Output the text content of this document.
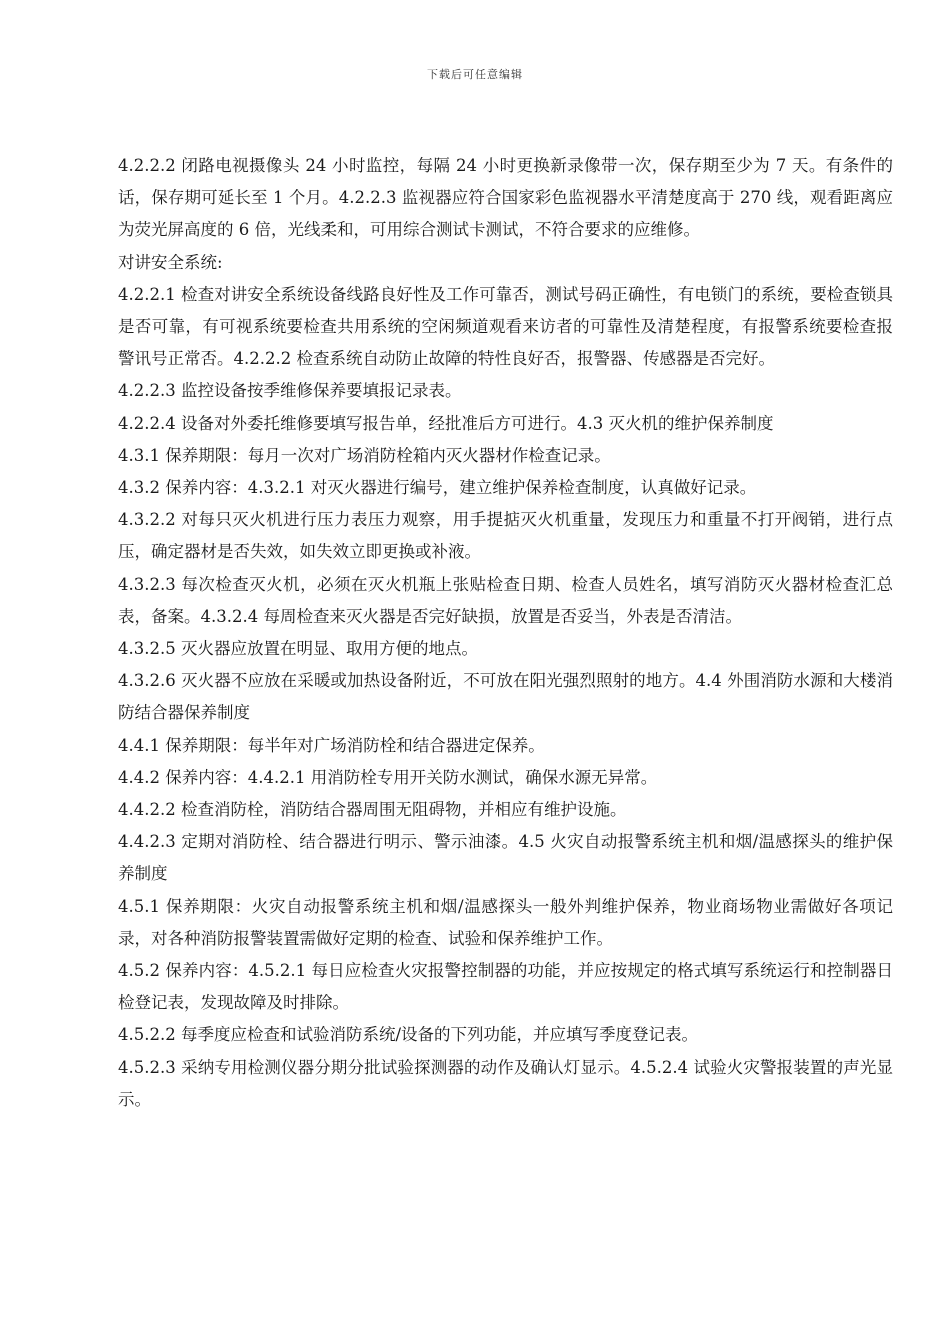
下载后可任意编辑

4.2.2.2 闭路电视摄像头 24 小时监控，每隔 24 小时更换新录像带一次，保存期至少为 7 天。有条件的话，保存期可延长至 1 个月。4.2.2.3 监视器应符合国家彩色监视器水平清楚度高于 270 线，观看距离应为荧光屏高度的 6 倍，光线柔和，可用综合测试卡测试，不符合要求的应维修。

对讲安全系统:

4.2.2.1 检查对讲安全系统设备线路良好性及工作可靠否，测试号码正确性，有电锁门的系统，要检查锁具是否可靠，有可视系统要检查共用系统的空闲频道观看来访者的可靠性及清楚程度，有报警系统要检查报警讯号正常否。4.2.2.2 检查系统自动防止故障的特性良好否，报警器、传感器是否完好。

4.2.2.3 监控设备按季维修保养要填报记录表。

4.2.2.4 设备对外委托维修要填写报告单，经批准后方可进行。4.3 灭火机的维护保养制度

4.3.1 保养期限：每月一次对广场消防栓箱内灭火器材作检查记录。

4.3.2 保养内容：4.3.2.1 对灭火器进行编号，建立维护保养检查制度，认真做好记录。

4.3.2.2 对每只灭火机进行压力表压力观察，用手提掂灭火机重量，发现压力和重量不打开阀销，进行点压，确定器材是否失效，如失效立即更换或补液。

4.3.2.3 每次检查灭火机，必须在灭火机瓶上张贴检查日期、检查人员姓名，填写消防灭火器材检查汇总表，备案。4.3.2.4 每周检查来灭火器是否完好缺损，放置是否妥当，外表是否清洁。

4.3.2.5 灭火器应放置在明显、取用方便的地点。

4.3.2.6 灭火器不应放在采暖或加热设备附近，不可放在阳光强烈照射的地方。4.4 外围消防水源和大楼消防结合器保养制度

4.4.1 保养期限：每半年对广场消防栓和结合器进定保养。

4.4.2 保养内容：4.4.2.1 用消防栓专用开关防水测试，确保水源无异常。

4.4.2.2 检查消防栓，消防结合器周围无阻碍物，并相应有维护设施。

4.4.2.3 定期对消防栓、结合器进行明示、警示油漆。4.5 火灾自动报警系统主机和烟/温感探头的维护保养制度

4.5.1 保养期限：火灾自动报警系统主机和烟/温感探头一般外判维护保养，物业商场物业需做好各项记录，对各种消防报警装置需做好定期的检查、试验和保养维护工作。

4.5.2 保养内容：4.5.2.1 每日应检查火灾报警控制器的功能，并应按规定的格式填写系统运行和控制器日检登记表，发现故障及时排除。

4.5.2.2 每季度应检查和试验消防系统/设备的下列功能，并应填写季度登记表。

4.5.2.3 采纳专用检测仪器分期分批试验探测器的动作及确认灯显示。4.5.2.4 试验火灾警报装置的声光显示。
